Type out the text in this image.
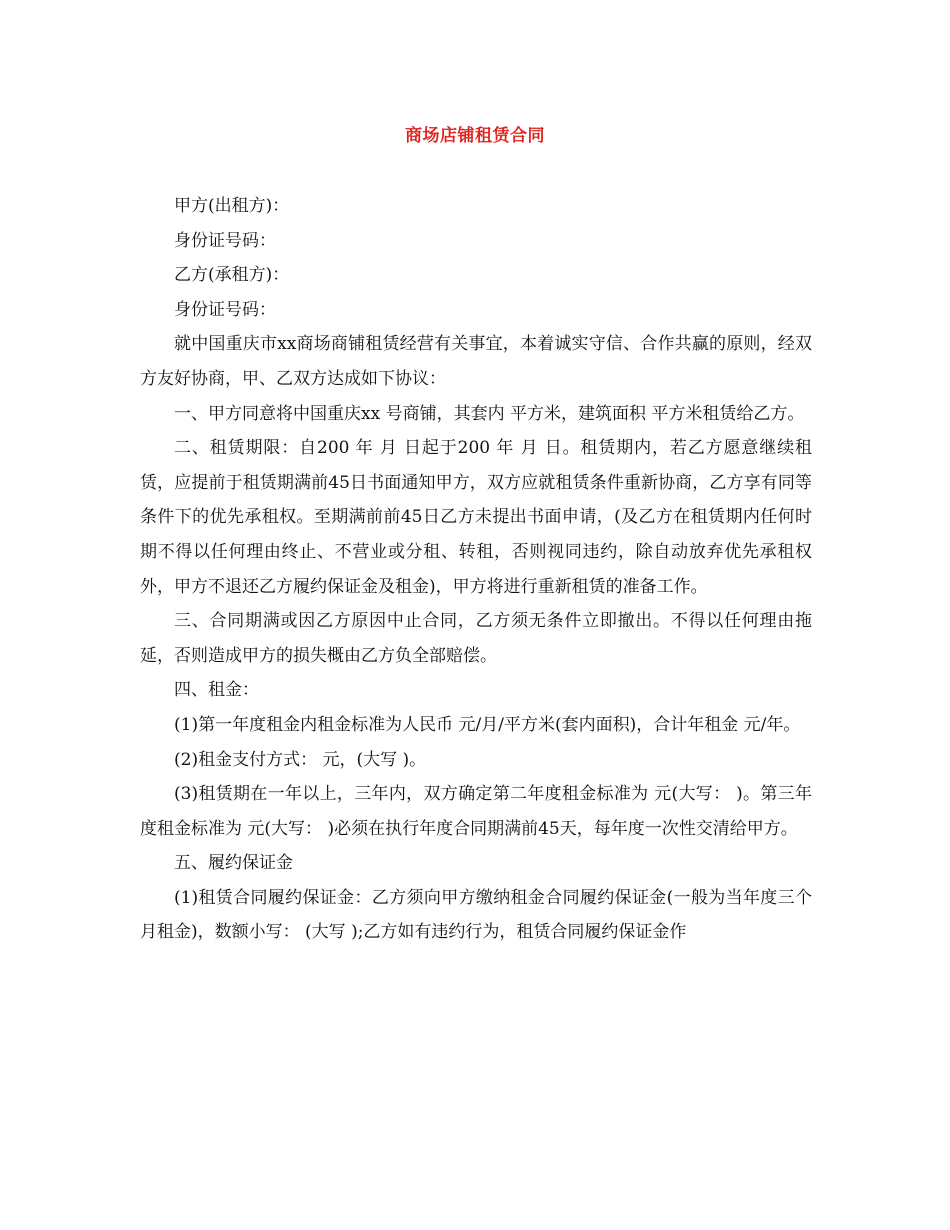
商场店铺租赁合同

甲方(出租方)：

身份证号码：

乙方(承租方)：

身份证号码：

就中国重庆市xx商场商铺租赁经营有关事宜，本着诚实守信、合作共赢的原则，经双方友好协商，甲、乙双方达成如下协议：

一、甲方同意将中国重庆xx 号商铺，其套内 平方米，建筑面积 平方米租赁给乙方。

二、租赁期限：自200 年 月 日起于200 年 月 日。租赁期内，若乙方愿意继续租赁，应提前于租赁期满前45日书面通知甲方，双方应就租赁条件重新协商，乙方享有同等条件下的优先承租权。至期满前前45日乙方未提出书面申请，(及乙方在租赁期内任何时期不得以任何理由终止、不营业或分租、转租，否则视同违约，除自动放弃优先承租权外，甲方不退还乙方履约保证金及租金)，甲方将进行重新租赁的准备工作。

三、合同期满或因乙方原因中止合同，乙方须无条件立即撤出。不得以任何理由拖延，否则造成甲方的损失概由乙方负全部赔偿。

四、租金：

(1)第一年度租金内租金标准为人民币 元/月/平方米(套内面积)，合计年租金 元/年。

(2)租金支付方式： 元，(大写 )。

(3)租赁期在一年以上，三年内，双方确定第二年度租金标准为 元(大写： )。第三年度租金标准为 元(大写： )必须在执行年度合同期满前45天，每年度一次性交清给甲方。

五、履约保证金

(1)租赁合同履约保证金：乙方须向甲方缴纳租金合同履约保证金(一般为当年度三个月租金)，数额小写： (大写 );乙方如有违约行为，租赁合同履约保证金作
